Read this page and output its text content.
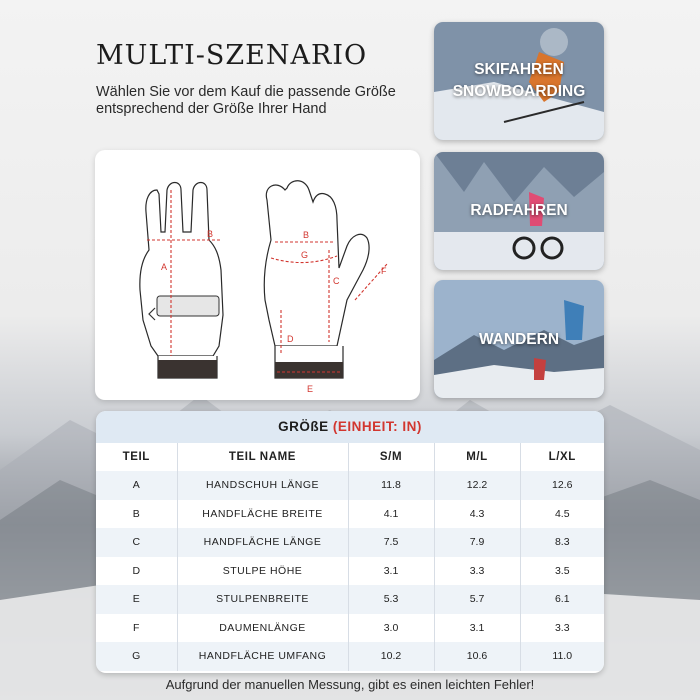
MULTI-SZENARIO
Wählen Sie vor dem Kauf die passende Größe entsprechend der Größe Ihrer Hand
A
B	B
C
D
E
F
G
SKIFAHREN
SNOWBOARDING
RADFAHREN
WANDERN
GRÖßE (EINHEIT: IN)
TEIL	TEIL NAME	S/M	M/L	L/XL
A	HANDSCHUH LÄNGE	11.8	12.2	12.6
B	HANDFLÄCHE BREITE	4.1	4.3	4.5
C	HANDFLÄCHE LÄNGE	7.5	7.9	8.3
D	STULPE HÖHE	3.1	3.3	3.5
E	STULPENBREITE	5.3	5.7	6.1
F	DAUMENLÄNGE	3.0	3.1	3.3
G	HANDFLÄCHE UMFANG	10.2	10.6	11.0
Aufgrund der manuellen Messung, gibt es einen leichten Fehler!
